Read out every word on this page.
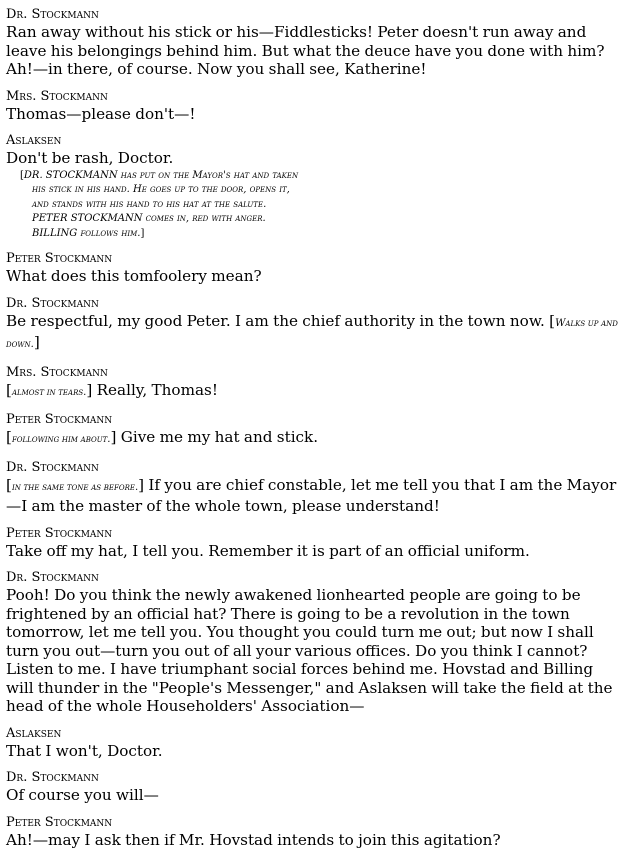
Dr. Stockmann
Ran away without his stick or his—Fiddlesticks! Peter doesn't run away and leave his belongings behind him. But what the deuce have you done with him? Ah!—in there, of course. Now you shall see, Katherine!
Mrs. Stockmann
Thomas—please don't—!
Aslaksen
Don't be rash, Doctor.
[DR. STOCKMANN has put on the Mayor's hat and taken
his stick in his hand. He goes up to the door, opens it,
and stands with his hand to his hat at the salute.
PETER STOCKMANN comes in, red with anger.
BILLING follows him.]
Peter Stockmann
What does this tomfoolery mean?
Dr. Stockmann
Be respectful, my good Peter. I am the chief authority in the town now. [Walks up and down.]
Mrs. Stockmann
[almost in tears.] Really, Thomas!
Peter Stockmann
[following him about.] Give me my hat and stick.
Dr. Stockmann
[in the same tone as before.] If you are chief constable, let me tell you that I am the Mayor—I am the master of the whole town, please understand!
Peter Stockmann
Take off my hat, I tell you. Remember it is part of an official uniform.
Dr. Stockmann
Pooh! Do you think the newly awakened lionhearted people are going to be frightened by an official hat? There is going to be a revolution in the town tomorrow, let me tell you. You thought you could turn me out; but now I shall turn you out—turn you out of all your various offices. Do you think I cannot? Listen to me. I have triumphant social forces behind me. Hovstad and Billing will thunder in the "People's Messenger," and Aslaksen will take the field at the head of the whole Householders' Association—
Aslaksen
That I won't, Doctor.
Dr. Stockmann
Of course you will—
Peter Stockmann
Ah!—may I ask then if Mr. Hovstad intends to join this agitation?
